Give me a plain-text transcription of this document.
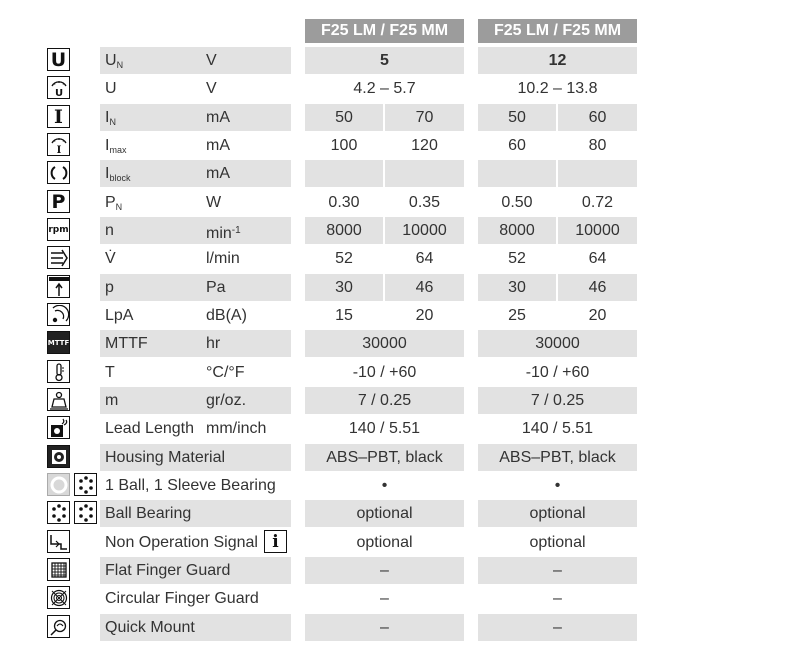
F25 LM / F25 MM	F25 LM / F25 MM
U $U_N$	V	5	12
U	U	V	4.2 – 5.7	10.2 – 13.8
I	$I_N$	mA	50	70	50	60
I	$I_{max}$	mA	100	120	60	80
$I_{block}$	mA
P $P_N$	W	0.30	0.35	0.50	0.72
rpm n	$\min^{-1}$	8000	10000	8000	10000
V̇	l/min	52	64	52	64
p	Pa	30	46	30	46
LpA	dB(A)	15	20	25	20
MTTF MTTF	hr	30000	30000
T	°C/°F	-10 / +60	-10 / +60
m	gr/oz.	7 / 0.25	7 / 0.25
Lead Length mm/inch	140 / 5.51	140 / 5.51
Housing Material	ABS–PBT, black	ABS–PBT, black
1 Ball, 1 Sleeve Bearing	•	•
Ball Bearing	optional	optional
Non Operation Signal i	optional	optional
Flat Finger Guard	–	–
Circular Finger Guard	–	–
Quick Mount	–	–
